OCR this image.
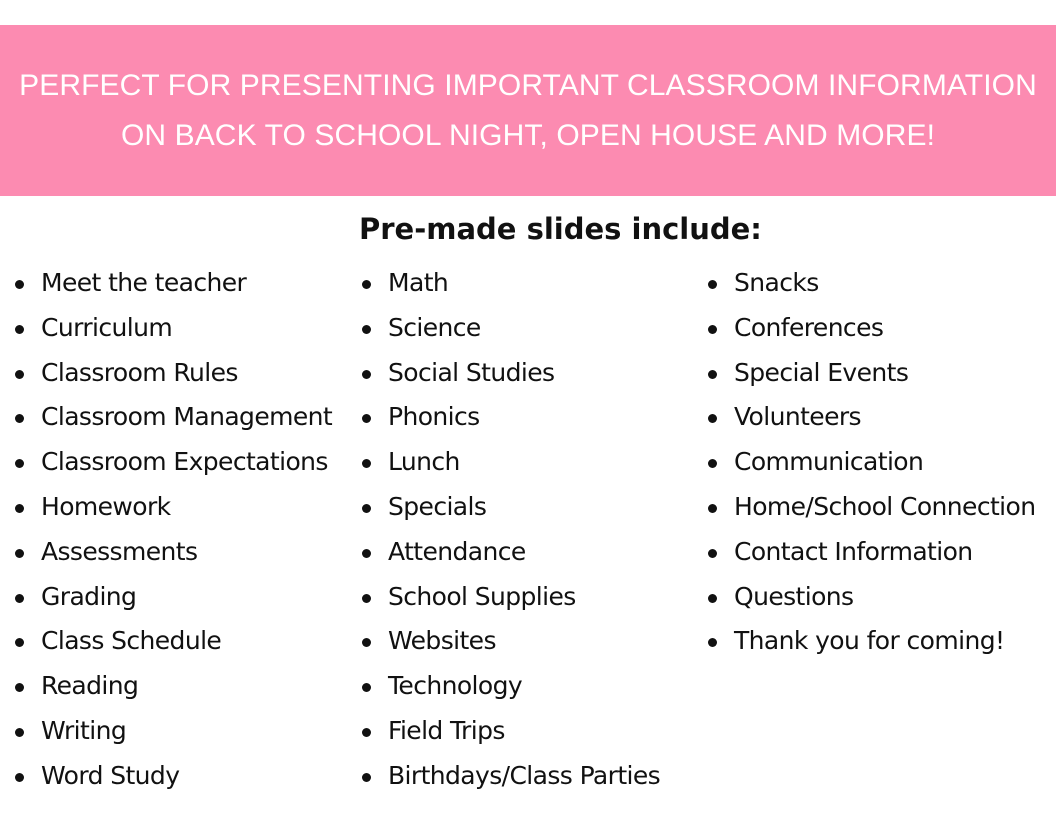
PERFECT FOR PRESENTING IMPORTANT CLASSROOM INFORMATION
ON BACK TO SCHOOL NIGHT, OPEN HOUSE AND MORE!
Pre-made slides include:
Meet the teacher
Curriculum
Classroom Rules
Classroom Management
Classroom Expectations
Homework
Assessments
Grading
Class Schedule
Reading
Writing
Word Study
Math
Science
Social Studies
Phonics
Lunch
Specials
Attendance
School Supplies
Websites
Technology
Field Trips
Birthdays/Class Parties
Snacks
Conferences
Special Events
Volunteers
Communication
Home/School Connection
Contact Information
Questions
Thank you for coming!
